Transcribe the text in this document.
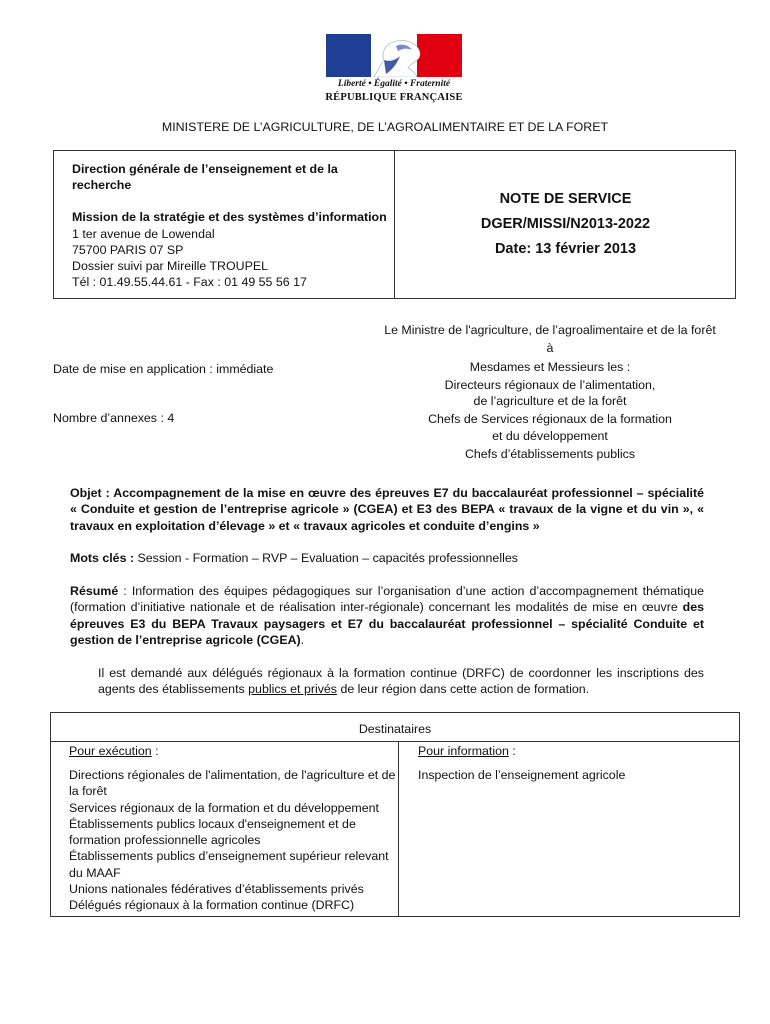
Liberté • Égalité • Fraternité
RÉPUBLIQUE FRANÇAISE
MINISTERE DE L’AGRICULTURE, DE L’AGROALIMENTAIRE ET DE LA FORET
Direction générale de l’enseignement et de la recherche
Mission de la stratégie et des systèmes d’information
1 ter avenue de Lowendal
75700 PARIS 07 SP
Dossier suivi par Mireille TROUPEL
Tél : 01.49.55.44.61 - Fax : 01 49 55 56 17
NOTE DE SERVICE
DGER/MISSI/N2013-2022
Date: 13 février 2013
Le Ministre de l'agriculture, de l’agroalimentaire et de la forêt
à
Mesdames et Messieurs les :
Directeurs régionaux de l’alimentation,
de l’agriculture et de la forêt
Chefs de Services régionaux de la formation
et du développement
Chefs d’établissements publics
Date de mise en application : immédiate
Nombre d’annexes : 4
Objet : Accompagnement de la mise en œuvre des épreuves E7 du baccalauréat professionnel – spécialité « Conduite et gestion de l’entreprise agricole » (CGEA) et E3 des BEPA « travaux de la vigne et du vin », « travaux en exploitation d’élevage » et « travaux agricoles et conduite d’engins »
Mots clés : Session - Formation – RVP – Evaluation – capacités professionnelles
Résumé : Information des équipes pédagogiques sur l’organisation d’une action d’accompagnement thématique (formation d’initiative nationale et de réalisation inter-régionale) concernant les modalités de mise en œuvre des épreuves E3 du BEPA Travaux paysagers et E7 du baccalauréat professionnel – spécialité Conduite et gestion de l’entreprise agricole (CGEA).
Il est demandé aux délégués régionaux à la formation continue (DRFC) de coordonner les inscriptions des agents des établissements publics et privés de leur région dans cette action de formation.
Destinataires
Pour exécution :	Pour information :
Directions régionales de l'alimentation, de l'agriculture et de la forêt
Services régionaux de la formation et du développement
Établissements publics locaux d'enseignement et de formation professionnelle agricoles
Établissements publics d’enseignement supérieur relevant du MAAF
Unions nationales fédératives d’établissements privés
Délégués régionaux à la formation continue (DRFC)
Inspection de l’enseignement agricole
